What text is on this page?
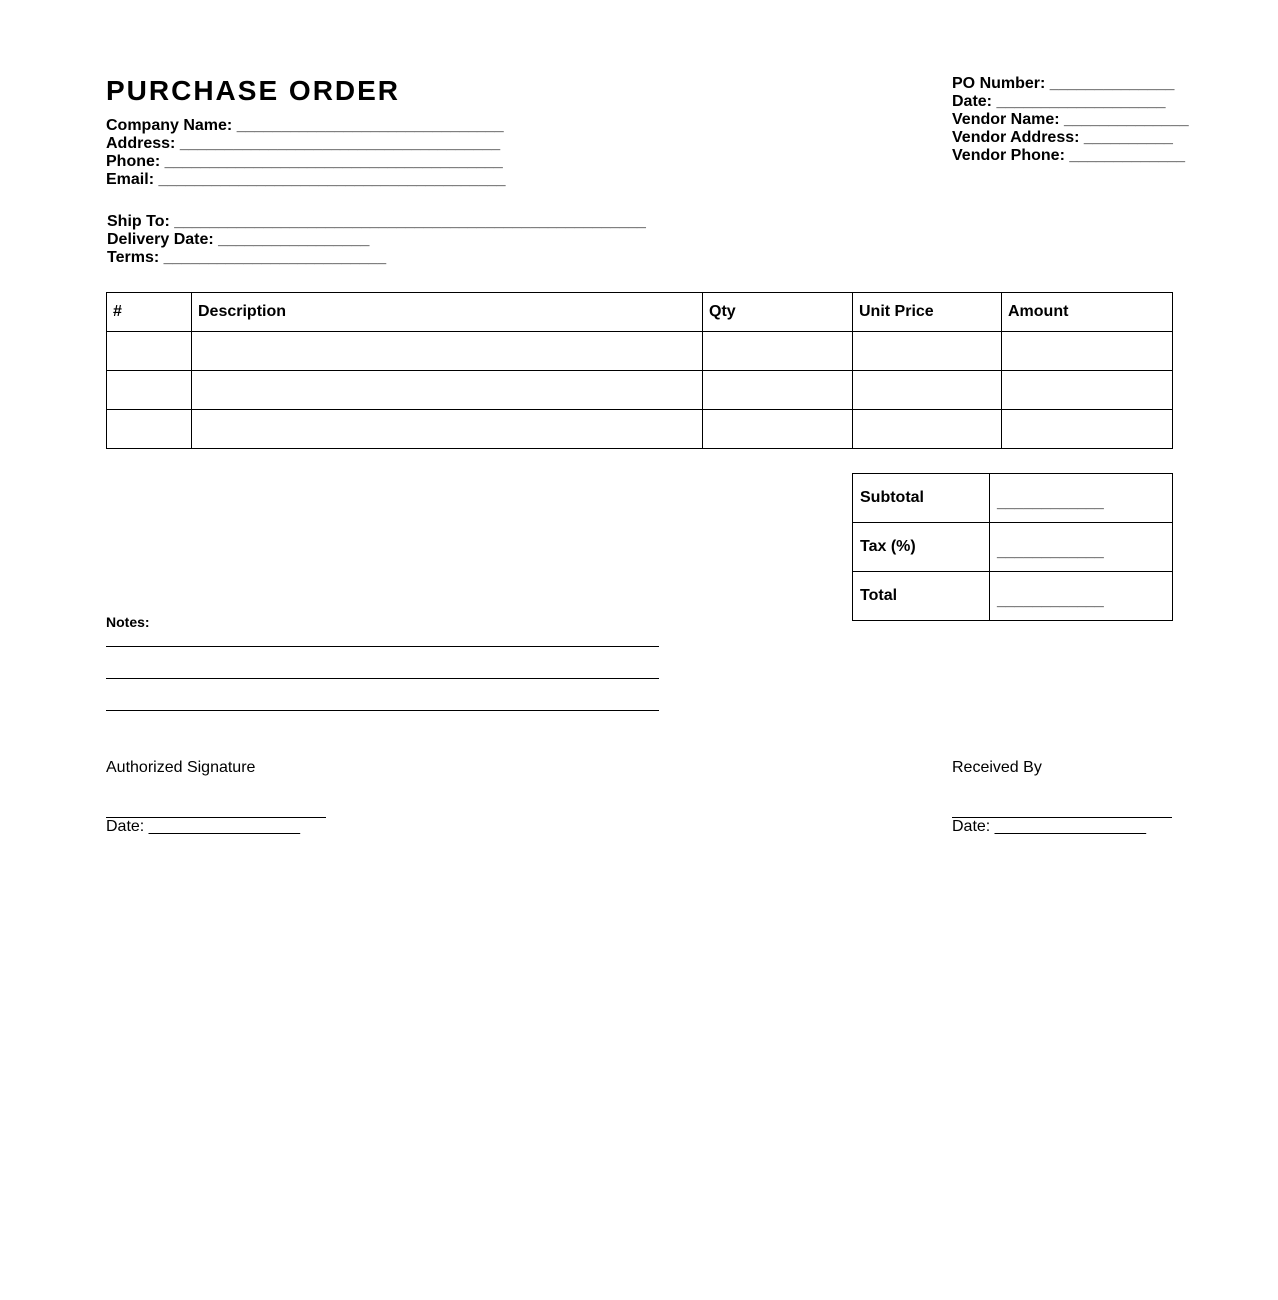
PURCHASE ORDER
Company Name: ______________________________
Address: ____________________________________
Phone: ______________________________________
Email: _______________________________________
Ship To: _____________________________________________________
Delivery Date: _________________
Terms: _________________________
PO Number: ______________
Date: ___________________
Vendor Name: ______________
Vendor Address: __________
Vendor Phone: _____________
#	Description	Qty	Unit Price	Amount

Subtotal	____________
Tax (%)	____________
Total	____________
Notes:
Authorized Signature
Date: _________________
Received By
Date: _________________
